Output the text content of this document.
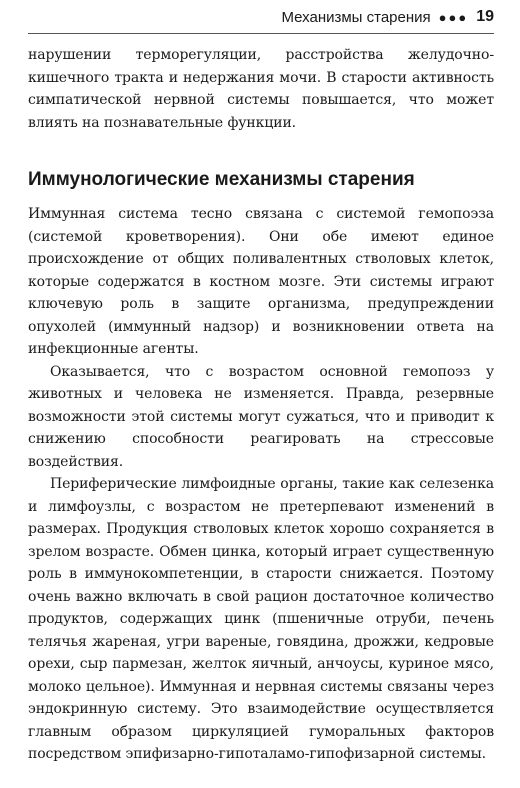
Механизмы старения ●●● 19

нарушении терморегуляции, расстройства желудочно-кишечного тракта и недержания мочи. В старости активность симпатической нервной системы повышается, что может влиять на познавательные функции.

Иммунологические механизмы старения

Иммунная система тесно связана с системой гемопоэза (системой кроветворения). Они обе имеют единое происхождение от общих поливалентных стволовых клеток, которые содержатся в костном мозге. Эти системы играют ключевую роль в защите организма, предупреждении опухолей (иммунный надзор) и возникновении ответа на инфекционные агенты.

Оказывается, что с возрастом основной гемопоэз у животных и человека не изменяется. Правда, резервные возможности этой системы могут сужаться, что и приводит к снижению способности реагировать на стрессовые воздействия.

Периферические лимфоидные органы, такие как селезенка и лимфоузлы, с возрастом не претерпевают изменений в размерах. Продукция стволовых клеток хорошо сохраняется в зрелом возрасте. Обмен цинка, который играет существенную роль в иммунокомпетенции, в старости снижается. Поэтому очень важно включать в свой рацион достаточное количество продуктов, содержащих цинк (пшеничные отруби, печень телячья жареная, угри вареные, говядина, дрожжи, кедровые орехи, сыр пармезан, желток яичный, анчоусы, куриное мясо, молоко цельное). Иммунная и нервная системы связаны через эндокринную систему. Это взаимодействие осуществляется главным образом циркуляцией гуморальных факторов посредством эпифизарно-гипоталамо-гипофизарной системы.
